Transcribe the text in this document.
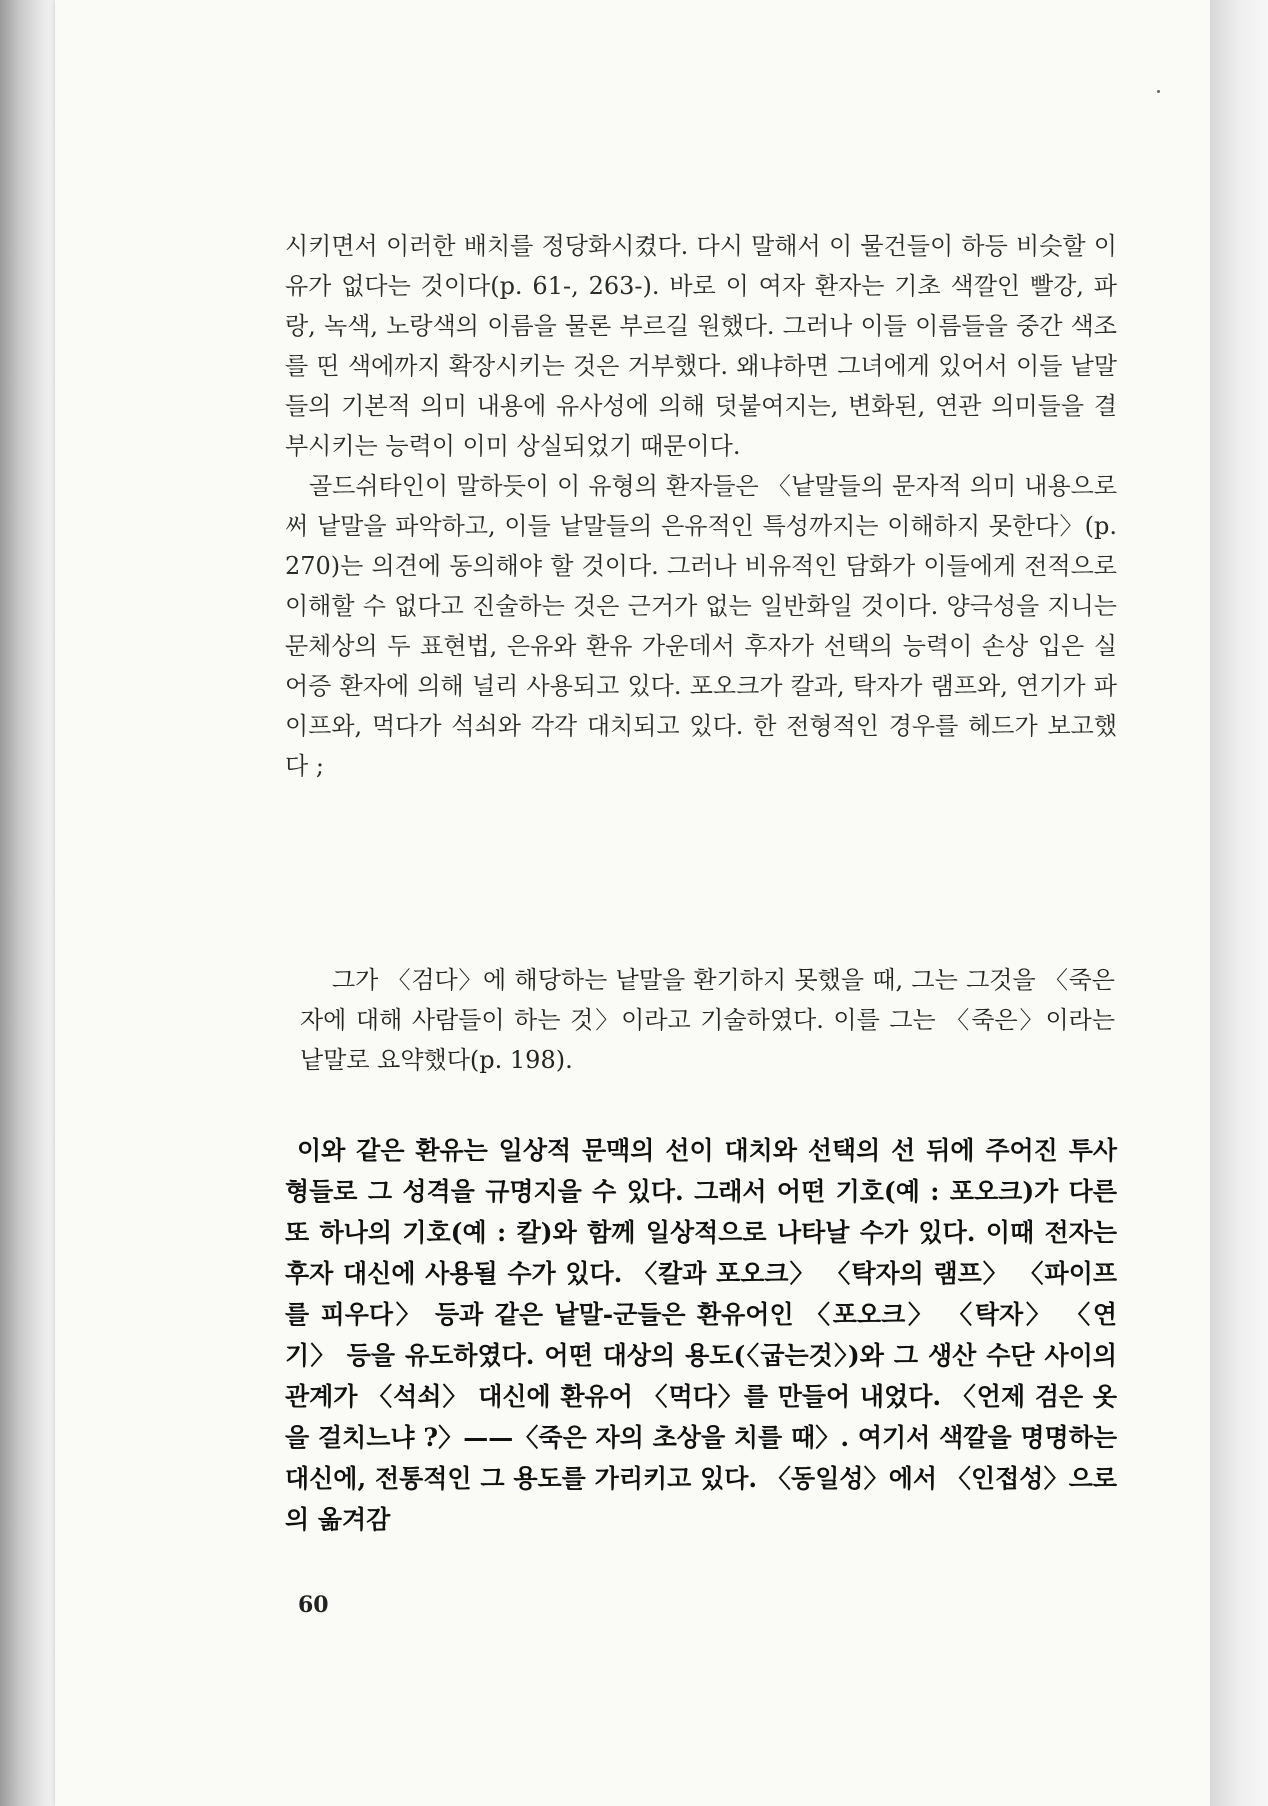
시키면서 이러한 배치를 정당화시켰다. 다시 말해서 이 물건들이 하등 비슷할 이유가 없다는 것이다(p. 61-, 263-). 바로 이 여자 환자는 기초 색깔인 빨강, 파랑, 녹색, 노랑색의 이름을 물론 부르길 원했다. 그러나 이들 이름들을 중간 색조를 띤 색에까지 확장시키는 것은 거부했다. 왜냐하면 그녀에게 있어서 이들 낱말들의 기본적 의미 내용에 유사성에 의해 덧붙여지는, 변화된, 연관 의미들을 결부시키는 능력이 이미 상실되었기 때문이다.

골드쉬타인이 말하듯이 이 유형의 환자들은 〈낱말들의 문자적 의미 내용으로써 낱말을 파악하고, 이들 낱말들의 은유적인 특성까지는 이해하지 못한다〉(p. 270)는 의견에 동의해야 할 것이다. 그러나 비유적인 담화가 이들에게 전적으로 이해할 수 없다고 진술하는 것은 근거가 없는 일반화일 것이다. 양극성을 지니는 문체상의 두 표현법, 은유와 환유 가운데서 후자가 선택의 능력이 손상 입은 실어증 환자에 의해 널리 사용되고 있다. 포오크가 칼과, 탁자가 램프와, 연기가 파이프와, 먹다가 석쇠와 각각 대치되고 있다. 한 전형적인 경우를 헤드가 보고했다 ;

그가 〈검다〉에 해당하는 낱말을 환기하지 못했을 때, 그는 그것을 〈죽은 자에 대해 사람들이 하는 것〉이라고 기술하였다. 이를 그는 〈죽은〉이라는 낱말로 요약했다(p. 198).

이와 같은 환유는 일상적 문맥의 선이 대치와 선택의 선 뒤에 주어진 투사형들로 그 성격을 규명지을 수 있다. 그래서 어떤 기호(예 : 포오크)가 다른 또 하나의 기호(예 : 칼)와 함께 일상적으로 나타날 수가 있다. 이때 전자는 후자 대신에 사용될 수가 있다. 〈칼과 포오크〉 〈탁자의 램프〉 〈파이프를 피우다〉 등과 같은 낱말-군들은 환유어인 〈포오크〉 〈탁자〉 〈연기〉 등을 유도하였다. 어떤 대상의 용도(〈굽는것〉)와 그 생산 수단 사이의 관계가 〈석쇠〉 대신에 환유어 〈먹다〉를 만들어 내었다. 〈언제 검은 옷을 걸치느냐 ?〉——〈죽은 자의 초상을 치를 때〉. 여기서 색깔을 명명하는 대신에, 전통적인 그 용도를 가리키고 있다. 〈동일성〉에서 〈인접성〉으로의 옮겨감

60
